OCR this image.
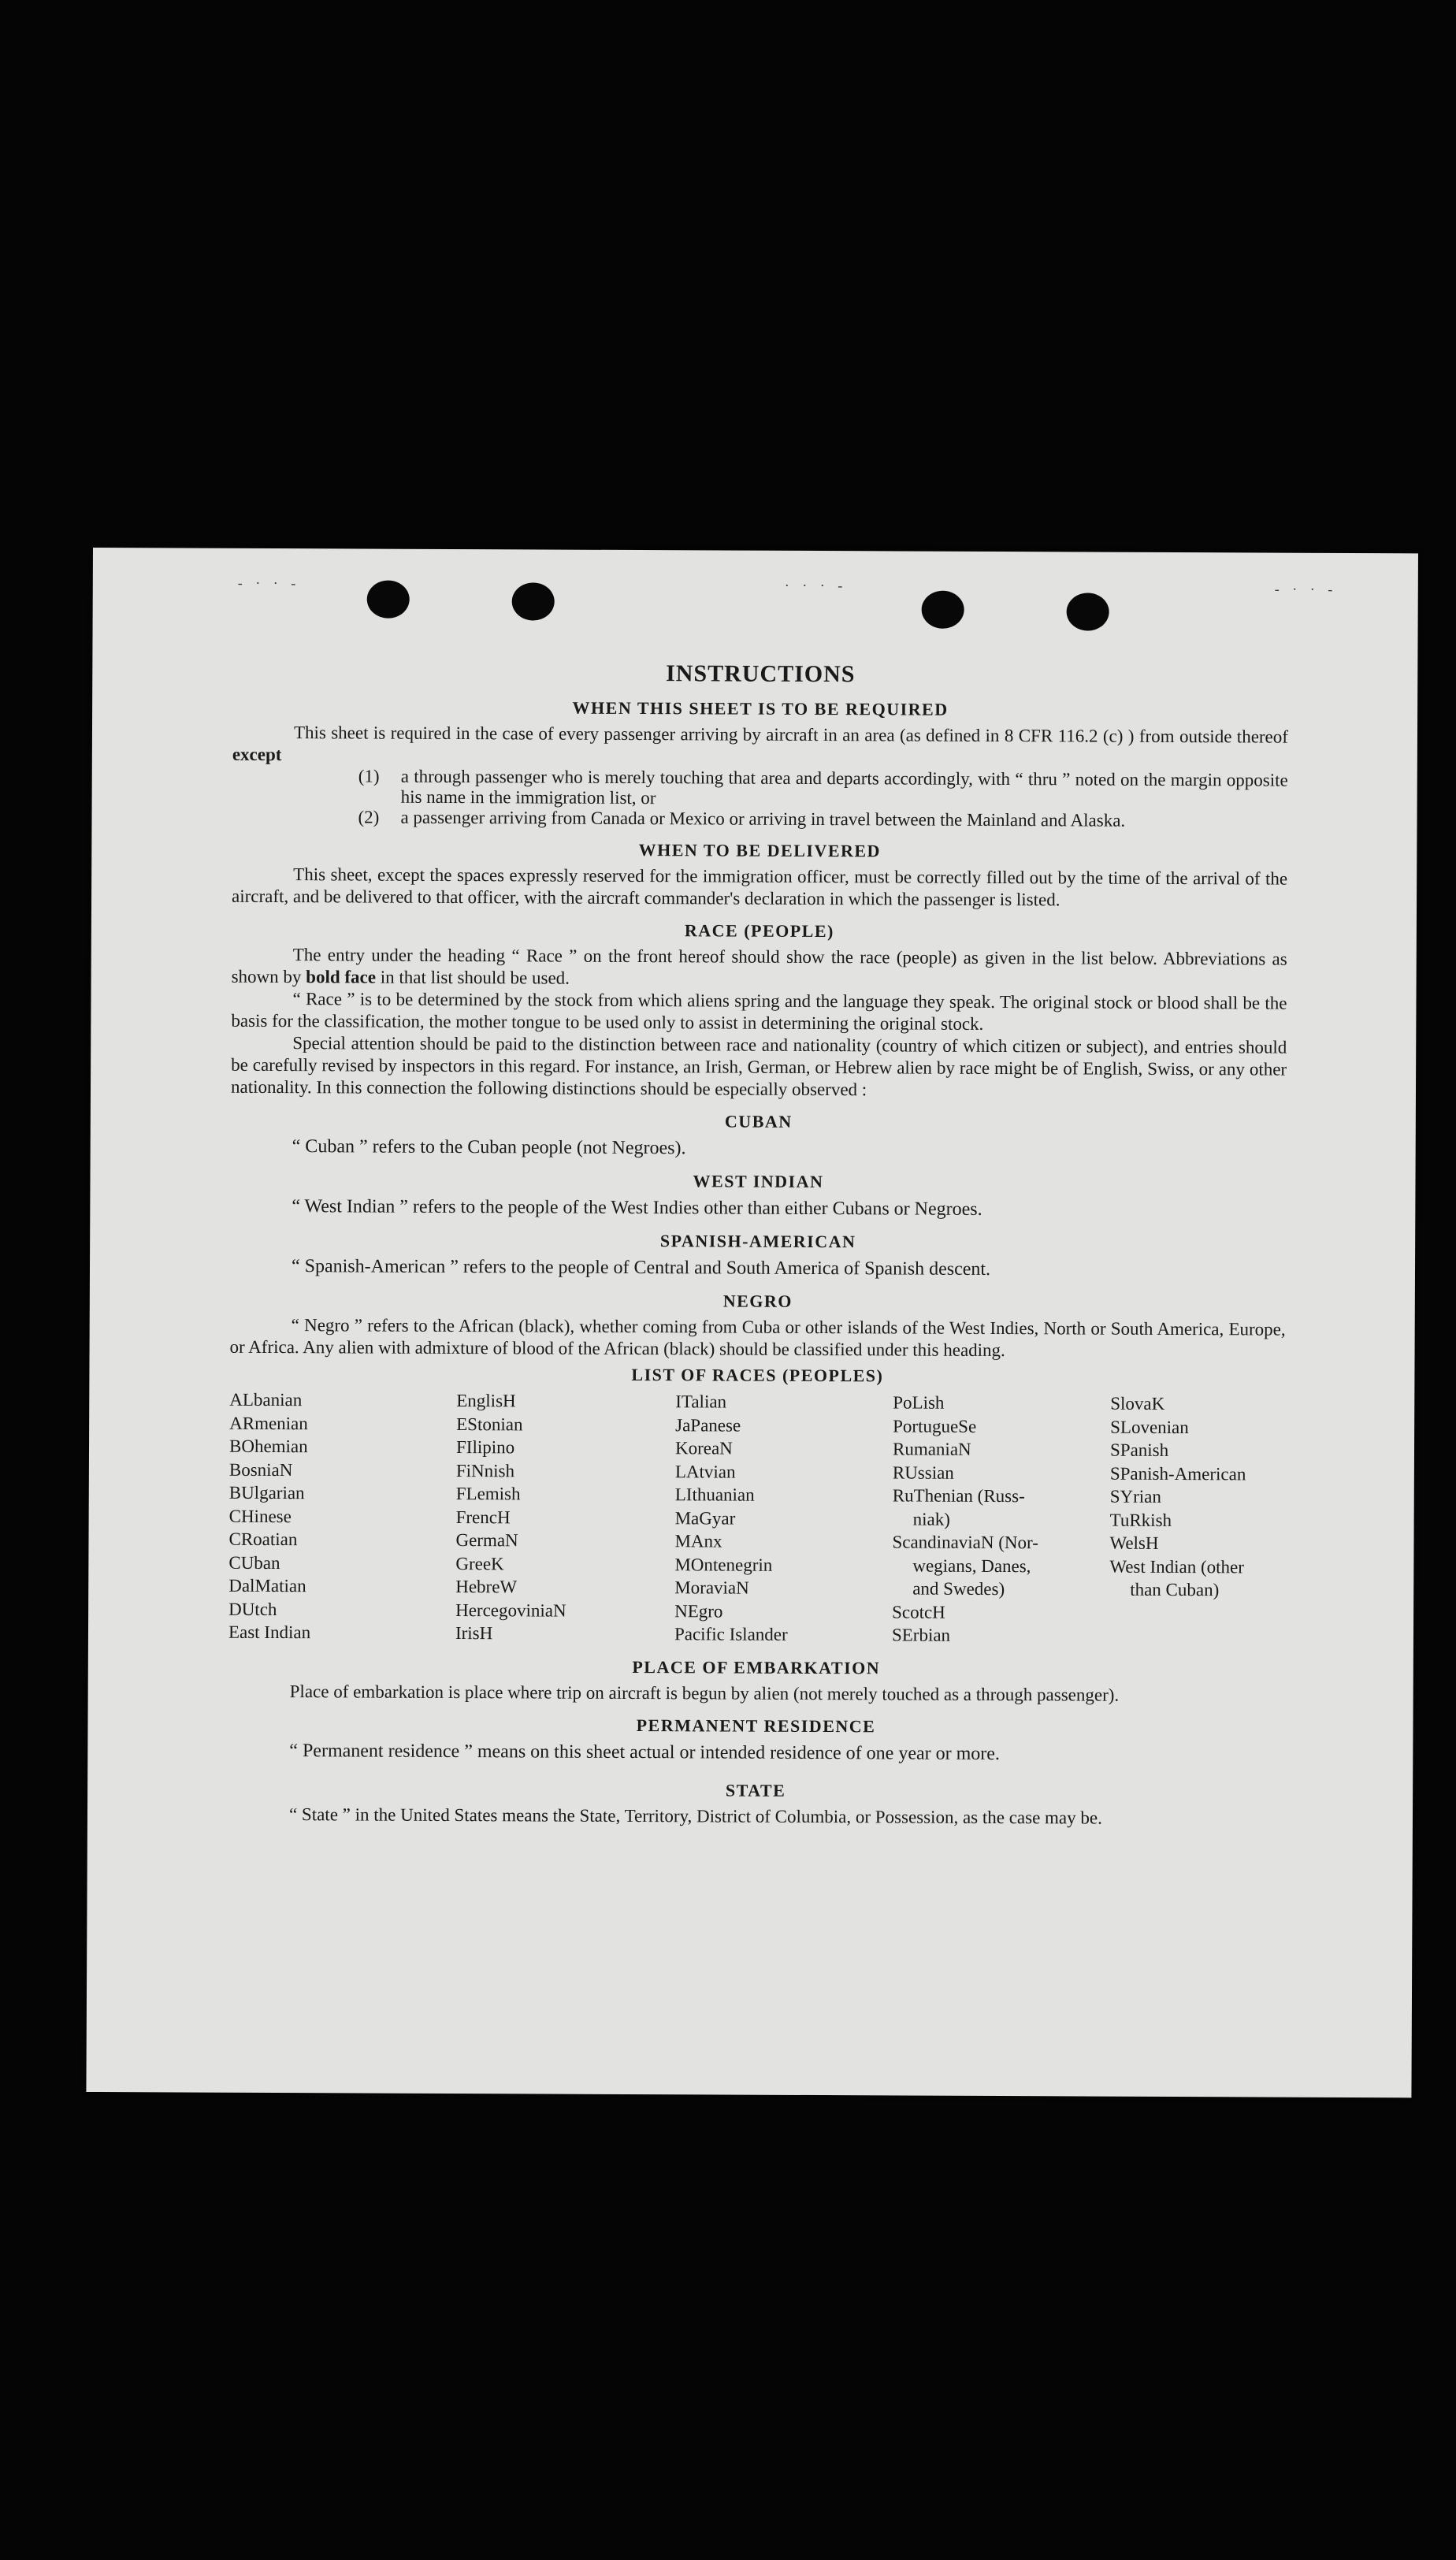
- · · -	· · · -	- · · -
INSTRUCTIONS
WHEN THIS SHEET IS TO BE REQUIRED

This sheet is required in the case of every passenger arriving by aircraft in an area (as defined in 8 CFR 116.2 (c) ) from outside thereof except

(1)	a through passenger who is merely touching that area and departs accordingly, with “ thru ” noted on the margin opposite his name in the immigration list, or
(2)	a passenger arriving from Canada or Mexico or arriving in travel between the Mainland and Alaska.
WHEN TO BE DELIVERED

This sheet, except the spaces expressly reserved for the immigration officer, must be correctly filled out by the time of the arrival of the aircraft, and be delivered to that officer, with the aircraft commander's declaration in which the passenger is listed.

RACE (PEOPLE)

The entry under the heading “ Race ” on the front hereof should show the race (people) as given in the list below. Abbreviations as shown by bold face in that list should be used.

“ Race ” is to be determined by the stock from which aliens spring and the language they speak. The original stock or blood shall be the basis for the classification, the mother tongue to be used only to assist in determining the original stock.

Special attention should be paid to the distinction between race and nationality (country of which citizen or subject), and entries should be carefully revised by inspectors in this regard. For instance, an Irish, German, or Hebrew alien by race might be of English, Swiss, or any other nationality. In this connection the following distinctions should be especially observed :

CUBAN
“ Cuban ” refers to the Cuban people (not Negroes).
WEST INDIAN
“ West Indian ” refers to the people of the West Indies other than either Cubans or Negroes.
SPANISH-AMERICAN
“ Spanish-American ” refers to the people of Central and South America of Spanish descent.
NEGRO

“ Negro ” refers to the African (black), whether coming from Cuba or other islands of the West Indies, North or South America, Europe, or Africa. Any alien with admixture of blood of the African (black) should be classified under this heading.

LIST OF RACES (PEOPLES)
ALbanian
ARmenian
BOhemian
BosniaN
BUlgarian
CHinese
CRoatian
CUban
DalMatian
DUtch
East Indian
EnglisH
EStonian
FIlipino
FiNnish
FLemish
FrencH
GermaN
GreeK
HebreW
HercegoviniaN
IrisH
ITalian
JaPanese
KoreaN
LAtvian
LIthuanian
MaGyar
MAnx
MOntenegrin
MoraviaN
NEgro
Pacific Islander
PoLish
PortugueSe
RumaniaN
RUssian
RuThenian (Russ-
niak)
ScandinaviaN (Nor-
wegians, Danes,
and Swedes)
ScotcH
SErbian
SlovaK
SLovenian
SPanish
SPanish-American
SYrian
TuRkish
WelsH
West Indian (other
than Cuban)
PLACE OF EMBARKATION

Place of embarkation is place where trip on aircraft is begun by alien (not merely touched as a through passenger).

PERMANENT RESIDENCE
“ Permanent residence ” means on this sheet actual or intended residence of one year or more.
STATE

“ State ” in the United States means the State, Territory, District of Columbia, or Possession, as the case may be.
